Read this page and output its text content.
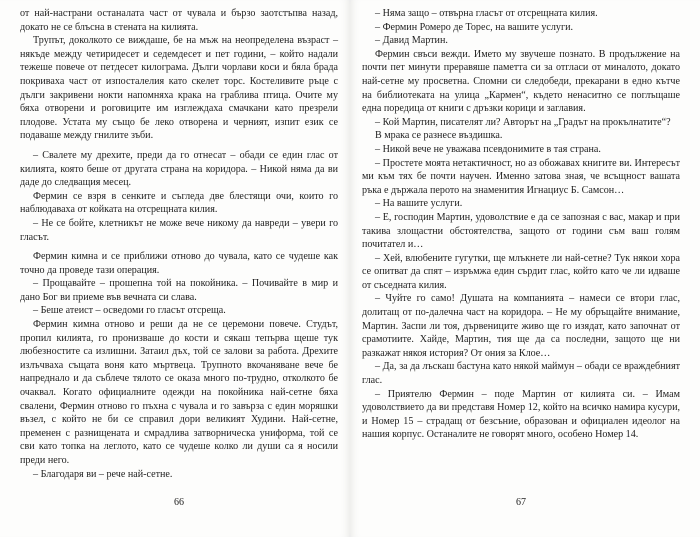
от най-настрани останалата част от чувала и бързо заотстъпва назад, докато не се блъсна в стената на килията.

Трупът, доколкото се виждаше, бе на мъж на неопределена възраст – някъде между четиридесет и седемдесет и пет години, – който надали тежеше повече от петдесет килограма. Дълги чорлави коси и бяла брада покриваха част от изпосталелия като скелет торс. Костеливите ръце с дълги закривени нокти напомняха крака на граблива птица. Очите му бяха отворени и роговиците им изглеждаха смачкани като презрели плодове. Устата му също бе леко отворена и черният, изпит език се подаваше между гнилите зъби.

– Свалете му дрехите, преди да го отнесат – обади се един глас от килията, която беше от другата страна на коридора. – Никой няма да ви даде до следващия месец.

Фермин се взря в сенките и съгледа две блестящи очи, които го наблюдаваха от койката на отсрещната килия.

– Не се бойте, клетникът не може вече никому да навреди – увери го гласът.

Фермин кимна и се приближи отново до чувала, като се чудеше как точно да проведе тази операция.

– Прощавайте – прошепна той на покойника. – Почивайте в мир и дано Бог ви приеме във вечната си слава.

– Беше атеист – осведоми го гласът отсреща.

Фермин кимна отново и реши да не се церемони повече. Студът, пропил килията, го пронизваше до кости и сякаш тепърва щеше тук любезностите са излишни. Затаил дъх, той се залови за работа. Дрехите излъчваха същата воня като мъртвеца. Трупното вкочаняване вече бе напреднало и да съблече тялото се оказа много по-трудно, отколкото бе очаквал. Когато официалните одежди на покойника най-сетне бяха свалени, Фермин отново го пъхна с чувала и го завърза с един моряшки възел, с който не би се справил дори великият Худини. Най-сетне, пременен с разнищената и смрадлива затворническа униформа, той се сви като топка на леглото, като се чудеше колко ли души са я носили преди него.

– Благодаря ви – рече най-сетне.

66

– Няма защо – отвърна гласът от отсрещната килия.

– Фермин Ромеро де Торес, на вашите услуги.

– Давид Мартин.

Фермин свъси вежди. Името му звучеше познато. В продължение на почти пет минути преравяше паметта си за отгласи от миналото, докато най-сетне му просветна. Спомни си следобеди, прекарани в едно кътче на библиотеката на улица „Кармен“, където ненаситно се поглъщаше една поредица от книги с дръзки корици и заглавия.

– Кой Мартин, писателят ли? Авторът на „Градът на прокълнатите“?

В мрака се разнесе въздишка.

– Никой вече не уважава псевдонимите в тая страна.

– Простете моята нетактичност, но аз обожавах книгите ви. Интересът ми към тях бе почти научен. Именно затова зная, че всъщност вашата ръка е държала перото на знаменития Игнациус Б. Самсон…

– На вашите услуги.

– Е, господин Мартин, удоволствие е да се запозная с вас, макар и при такива злощастни обстоятелства, защото от години съм ваш голям почитател и…

– Хей, влюбените гугутки, ще млъкнете ли най-сетне? Тук някои хора се опитват да спят – изръмжа един сърдит глас, който като че ли идваше от съседната килия.

– Чуйте го само! Душата на компанията – намеси се втори глас, долитащ от по-далечна част на коридора. – Не му обръщайте внимание, Мартин. Заспи ли тоя, дървениците живо ще го изядат, като започнат от срамотиите. Хайде, Мартин, тия ще да са последни, защото ще ни разкажат някоя история? От ония за Клое…

– Да, за да лъскаш бастуна като някой маймун – обади се враждебният глас.

– Приятелю Фермин – поде Мартин от килията си. – Имам удоволствието да ви представя Номер 12, който на всичко намира кусури, и Номер 15 – страдащ от безсъние, образован и официален идеолог на нашия корпус. Останалите не говорят много, особено Номер 14.

67
